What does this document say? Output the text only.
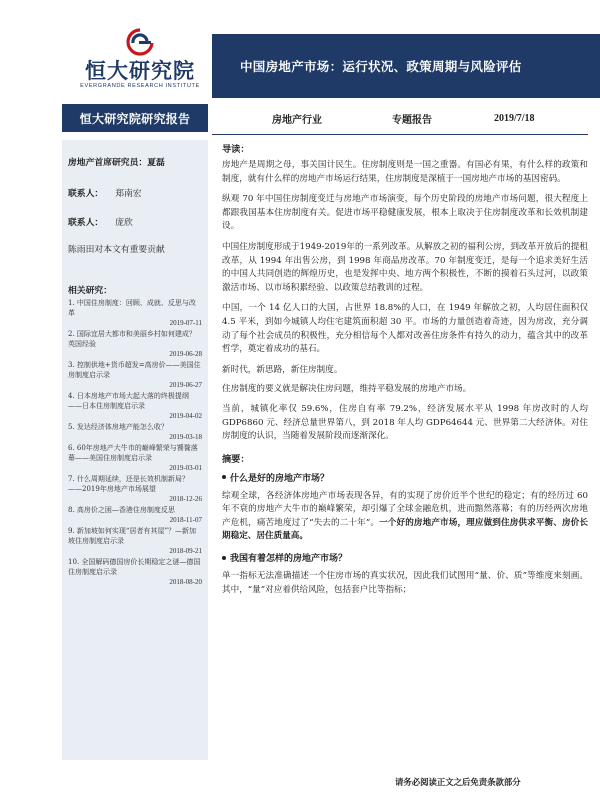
恒大研究院
EVERGRANDE RESEARCH INSTITUTE
中国房地产市场：运行状况、政策周期与风险评估
恒大研究院研究报告	房地产行业	专题报告	2019/7/18
房地产首席研究员：夏磊
联系人： 郑南宏
联系人： 庞欣
陈雨田对本文有重要贡献
相关研究：
1. 中国住房制度：回顾、成就、反思与改革
2019-07-11
2. 国际宜居大都市和美丽乡村如何建成？英国经验
2019-06-28
3. 控制供地+货币超发=高房价——美国住房制度启示录
2019-06-27
4. 日本房地产市场大起大落的终极提纲——日本住房制度启示录
2019-04-02
5. 发达经济体房地产能怎么收？
2019-03-18
6. 60年房地产大牛市的巅峰繁荣与饕餮落幕——美国住房制度启示录
2019-03-01
7. 什么周期延续，还是长效机制新局？——2019年房地产市场展望
2018-12-26
8. 高房价之困—香港住房制度反思
2018-11-07
9. 新加坡如何实现“居者有其屋”？—新加坡住房制度启示录
2018-09-21
10. 全国解码德国房价长期稳定之谜—德国住房制度启示录
2018-08-20
导读：

房地产是周期之母，事关国计民生。住房制度则是一国之重器。有国必有果，有什么样的政策和制度，就有什么样的房地产市场运行结果，住房制度是深植于一国房地产市场的基因密码。

纵观 70 年中国住房制度变迁与房地产市场演变，每个历史阶段的房地产市场问题，很大程度上都跟我国基本住房制度有关。促进市场平稳健康发展，根本上取决于住房制度改革和长效机制建设。

中国住房制度形成于1949-2019年的一系列改革。从解放之初的福利公房，到改革开放后的提租改革，从 1994 年出售公房，到 1998 年商品房改革。70 年制度变迁，是每一个追求美好生活的中国人共同创造的辉煌历史，也是发挥中央、地方两个积极性，不断的摸着石头过河，以政策激活市场、以市场积累经验、以政策总结教训的过程。

中国，一个 14 亿人口的大国，占世界 18.8%的人口，在 1949 年解放之初，人均居住面积仅 4.5 平米，到如今城镇人均住宅建筑面积超 30 平。市场的力量创造着奇迹，因为房改，充分调动了每个社会成员的积极性，充分相信每个人都对改善住房条件有持久的动力，蕴含其中的改革哲学，奠定着成功的基石。

新时代，新思路，新住房制度。

住房制度的要义就是解决住房问题，维持平稳发展的房地产市场。

当前，城镇化率仅 59.6%，住房自有率 79.2%，经济发展水平从 1998 年房改时的人均 GDP6860 元、经济总量世界第八，到 2018 年人均 GDP64644 元、世界第二大经济体。对住房制度的认识，当随着发展阶段而逐渐深化。

摘要：
什么是好的房地产市场？

综观全球，各经济体房地产市场表现各异，有的实现了房价近半个世纪的稳定；有的经历过 60 年不衰的房地产大牛市的巅峰繁荣，却引爆了全球金融危机，进而黯然落幕；有的历经两次房地产危机，痛苦地度过了“失去的二十年”。一个好的房地产市场，理应做到住房供求平衡、房价长期稳定、居住质量高。

我国有着怎样的房地产市场？

单一指标无法准确描述一个住房市场的真实状况，因此我们试图用“量、价、质”等维度来刻画。其中，“量”对应着供给风险，包括套户比等指标；

请务必阅读正文之后免责条款部分
